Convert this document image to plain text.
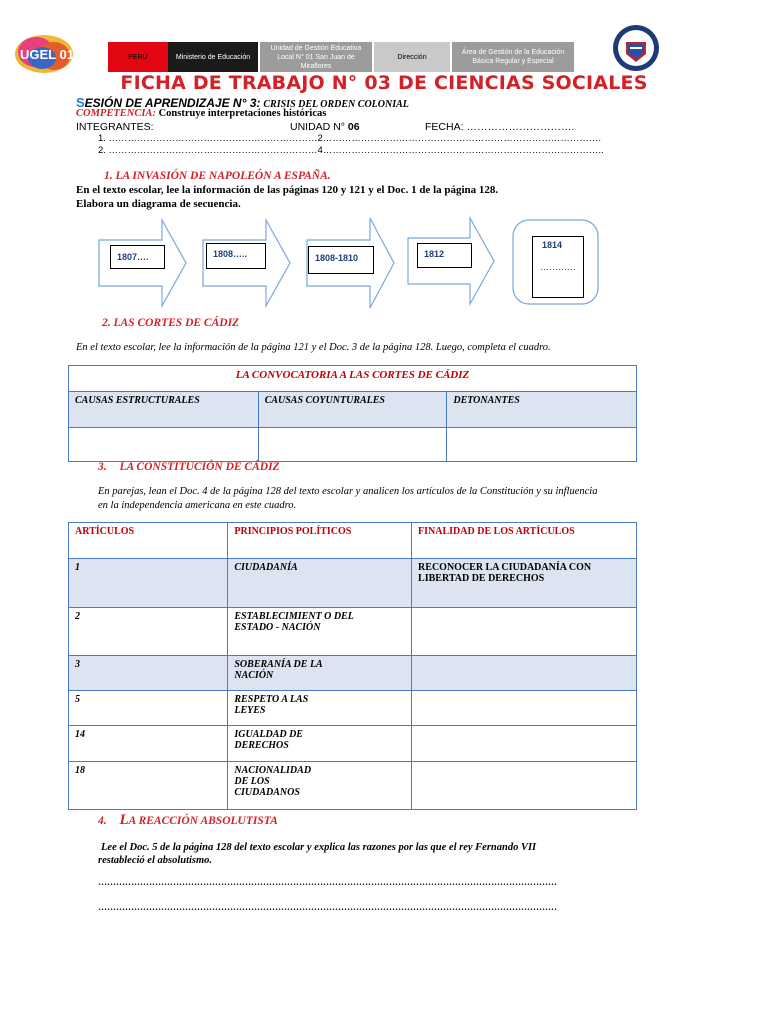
UGEL 01	PERÚ	Ministerio de Educación
Unidad de Gestión Educativa Local N° 01 San Juan de Miraflores
Dirección
Área de Gestión de la Educación Básica Regular y Especial
FICHA DE TRABAJO N° 03 DE CIENCIAS SOCIALES
SESIÓN DE APRENDIZAJE N° 3: CRISIS DEL ORDEN COLONIAL
COMPETENCIA: Construye interpretaciones históricas
INTEGRANTES:	UNIDAD N° 06	FECHA: ………………………….
1. …………………………………………………………2…………………………………………………………………………….
2. …………………………………………………………4……………………………………………………………………………..
1. LA INVASIÓN DE NAPOLEÓN A ESPAÑA.
En el texto escolar, lee la información de las páginas 120 y 121 y el Doc. 1 de la página 128.
Elabora un diagrama de secuencia.
1807….	1808…..	1808-1810	1812
1814
…………
2. LAS CORTES DE CÁDIZ
En el texto escolar, lee la información de la página 121 y el Doc. 3 de la página 128. Luego, completa el cuadro.
LA CONVOCATORIA A LAS CORTES DE CÁDIZ		
CAUSAS ESTRUCTURALES	CAUSAS COYUNTURALES	DETONANTES

3. LA CONSTITUCIÓN DE CÁDIZ
En parejas, lean el Doc. 4 de la página 128 del texto escolar y analicen los artículos de la Constitución y su influencia en la independencia americana en este cuadro.
ARTÍCULOS	PRINCIPIOS POLÍTICOS	FINALIDAD DE LOS ARTÍCULOS
1	CIUDADANÍA	RECONOCER LA CIUDADANÍA CON LIBERTAD DE DERECHOS
2	ESTABLECIMIENT O DEL ESTADO - NACIÓN	
3	SOBERANÍA DE LA NACIÓN	
5	RESPETO A LAS LEYES	
14	IGUALDAD DE DERECHOS	
18	NACIONALIDAD DE LOS CIUDADANOS	
4. LA REACCIÓN ABSOLUTISTA
Lee el Doc. 5 de la página 128 del texto escolar y explica las razones por las que el rey Fernando VII restableció el absolutismo.
………………………………………………………………………………………………………………………………………
………………………………………………………………………………………………………………………………………
